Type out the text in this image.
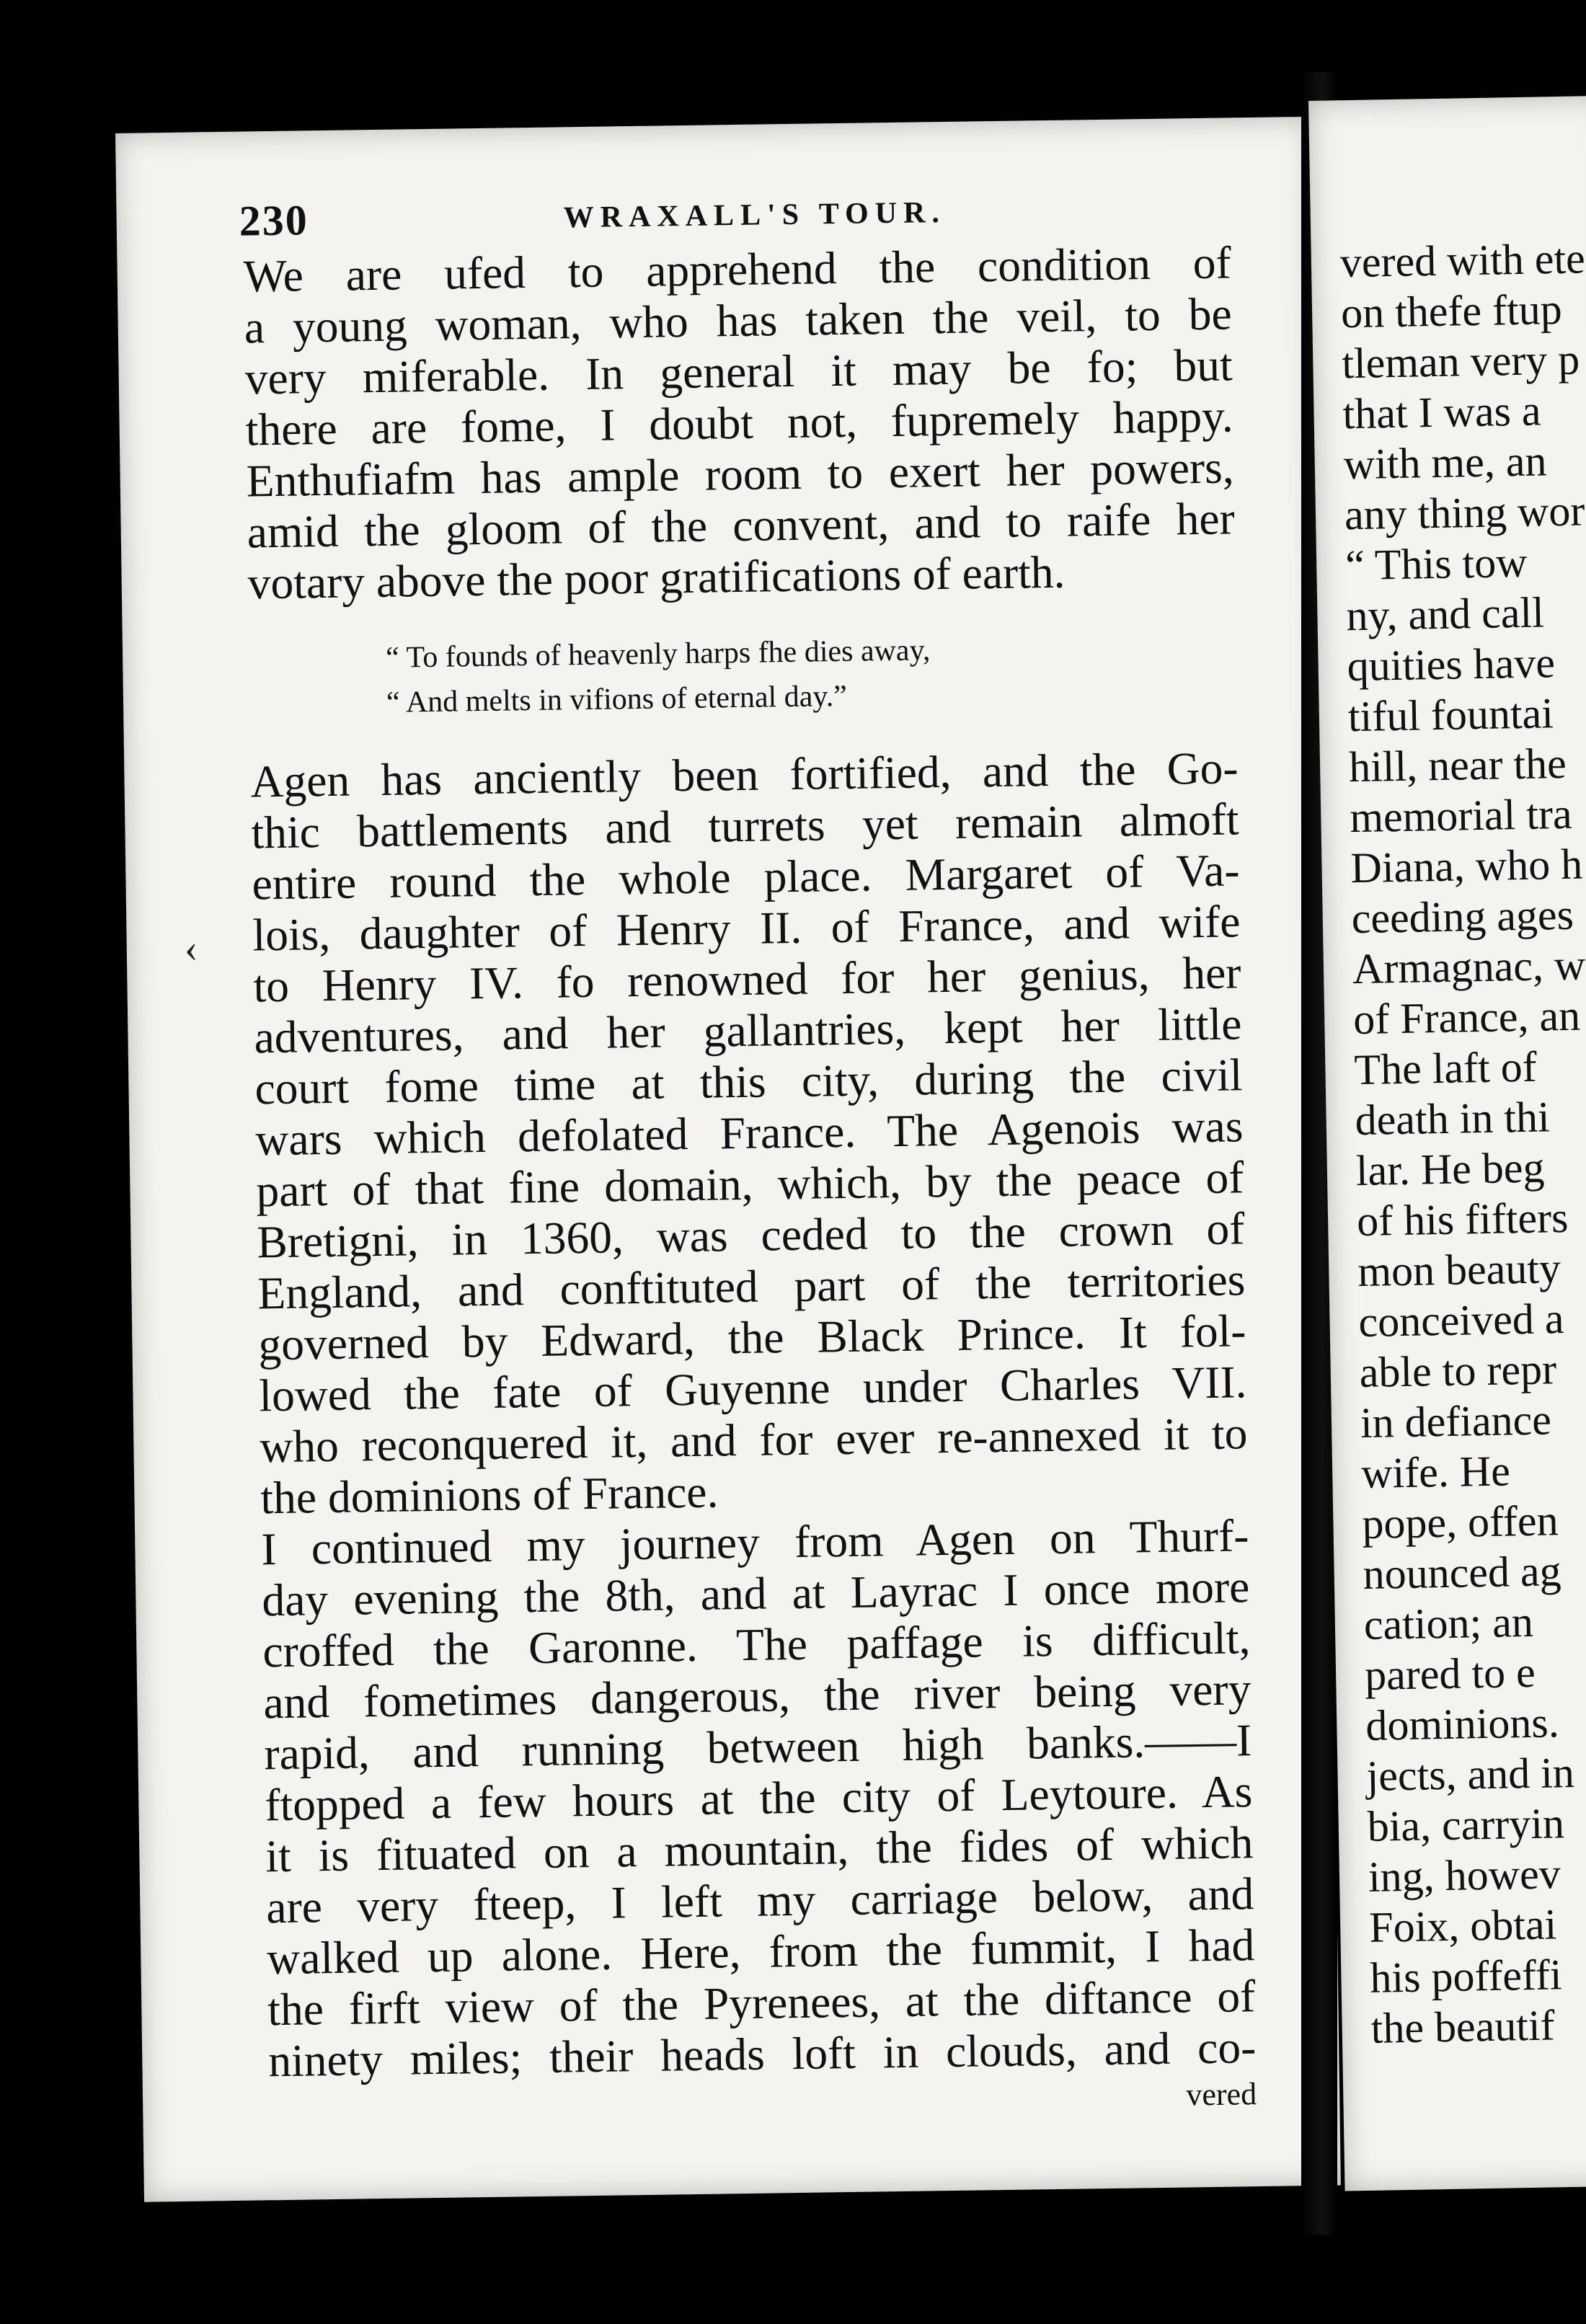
230	WRAXALL'S TOUR.
‹
We are ufed to apprehend the condition of
a young woman, who has taken the veil, to be
very miferable. In general it may be fo; but
there are fome, I doubt not, fupremely happy.
Enthufiafm has ample room to exert her powers,
amid the gloom of the convent, and to raife her
votary above the poor gratifications of earth.
“ To founds of heavenly harps fhe dies away,
“ And melts in vifions of eternal day.”
Agen has anciently been fortified, and the Go-
thic battlements and turrets yet remain almoft
entire round the whole place. Margaret of Va-
lois, daughter of Henry II. of France, and wife
to Henry IV. fo renowned for her genius, her
adventures, and her gallantries, kept her little
court fome time at this city, during the civil
wars which defolated France. The Agenois was
part of that fine domain, which, by the peace of
Bretigni, in 1360, was ceded to the crown of
England, and conftituted part of the territories
governed by Edward, the Black Prince. It fol-
lowed the fate of Guyenne under Charles VII.
who reconquered it, and for ever re-annexed it to
the dominions of France.
I continued my journey from Agen on Thurf-
day evening the 8th, and at Layrac I once more
croffed the Garonne. The paffage is difficult,
and fometimes dangerous, the river being very
rapid, and running between high banks.——I
ftopped a few hours at the city of Leytoure. As
it is fituated on a mountain, the fides of which
are very fteep, I left my carriage below, and
walked up alone. Here, from the fummit, I had
the firft view of the Pyrenees, at the diftance of
ninety miles; their heads loft in clouds, and co-
vered
vered with ete
on thefe ftup
tleman very p
that I was a
with me, an
any thing wor
“ This tow
ny, and call
quities have
tiful fountai
hill, near the
memorial tra
Diana, who h
ceeding ages
Armagnac, w
of France, an
The laft of
death in thi
lar. He beg
of his fifters
mon beauty
conceived a
able to repr
in defiance
wife. He
pope, offen
nounced ag
cation; an
pared to e
dominions.
jects, and in
bia, carryin
ing, howev
Foix, obtai
his poffeffi
the beautif
